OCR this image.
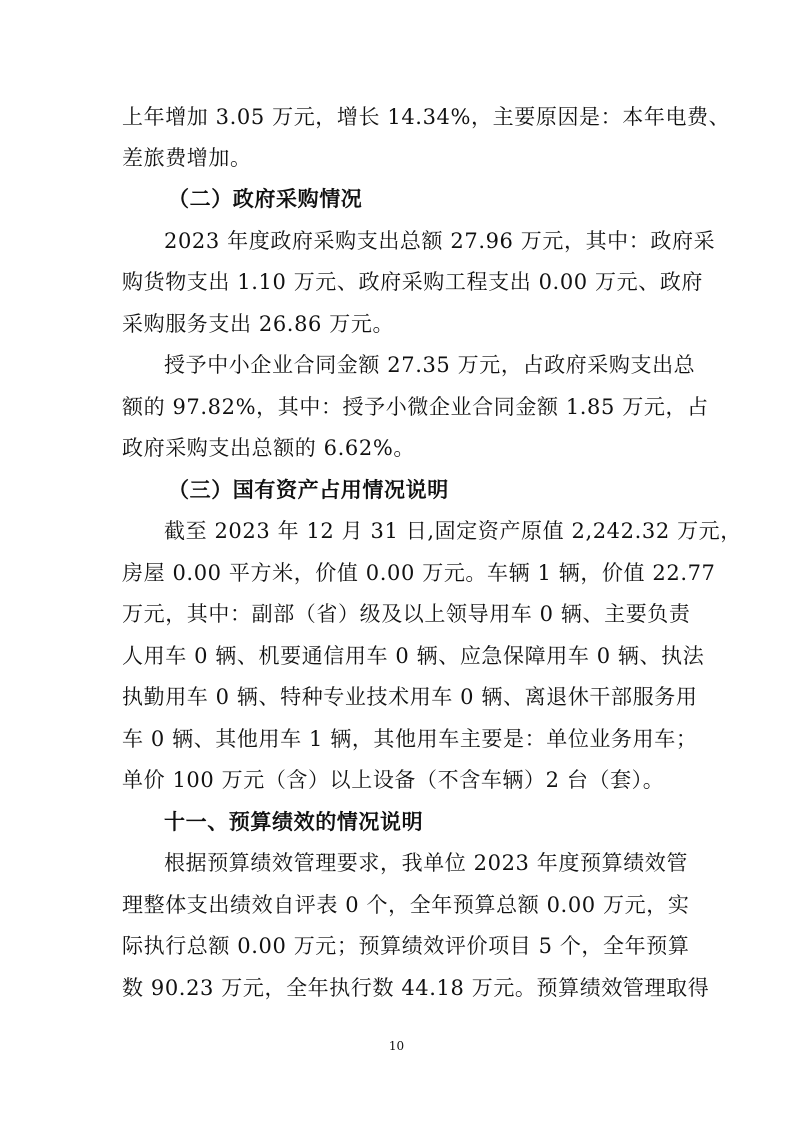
上年增加 3.05 万元，增长 14.34%，主要原因是：本年电费、
差旅费增加。
（二）政府采购情况
2023 年度政府采购支出总额 27.96 万元，其中：政府采
购货物支出 1.10 万元、政府采购工程支出 0.00 万元、政府
采购服务支出 26.86 万元。
授予中小企业合同金额 27.35 万元，占政府采购支出总
额的 97.82%，其中：授予小微企业合同金额 1.85 万元，占
政府采购支出总额的 6.62%。
（三）国有资产占用情况说明
截至 2023 年 12 月 31 日,固定资产原值 2,242.32 万元，
房屋 0.00 平方米，价值 0.00 万元。车辆 1 辆，价值 22.77
万元，其中：副部（省）级及以上领导用车 0 辆、主要负责
人用车 0 辆、机要通信用车 0 辆、应急保障用车 0 辆、执法
执勤用车 0 辆、特种专业技术用车 0 辆、离退休干部服务用
车 0 辆、其他用车 1 辆，其他用车主要是：单位业务用车；
单价 100 万元（含）以上设备（不含车辆）2 台（套）。
十一、预算绩效的情况说明
根据预算绩效管理要求，我单位 2023 年度预算绩效管
理整体支出绩效自评表 0 个，全年预算总额 0.00 万元，实
际执行总额 0.00 万元；预算绩效评价项目 5 个，全年预算
数 90.23 万元，全年执行数 44.18 万元。预算绩效管理取得
10
